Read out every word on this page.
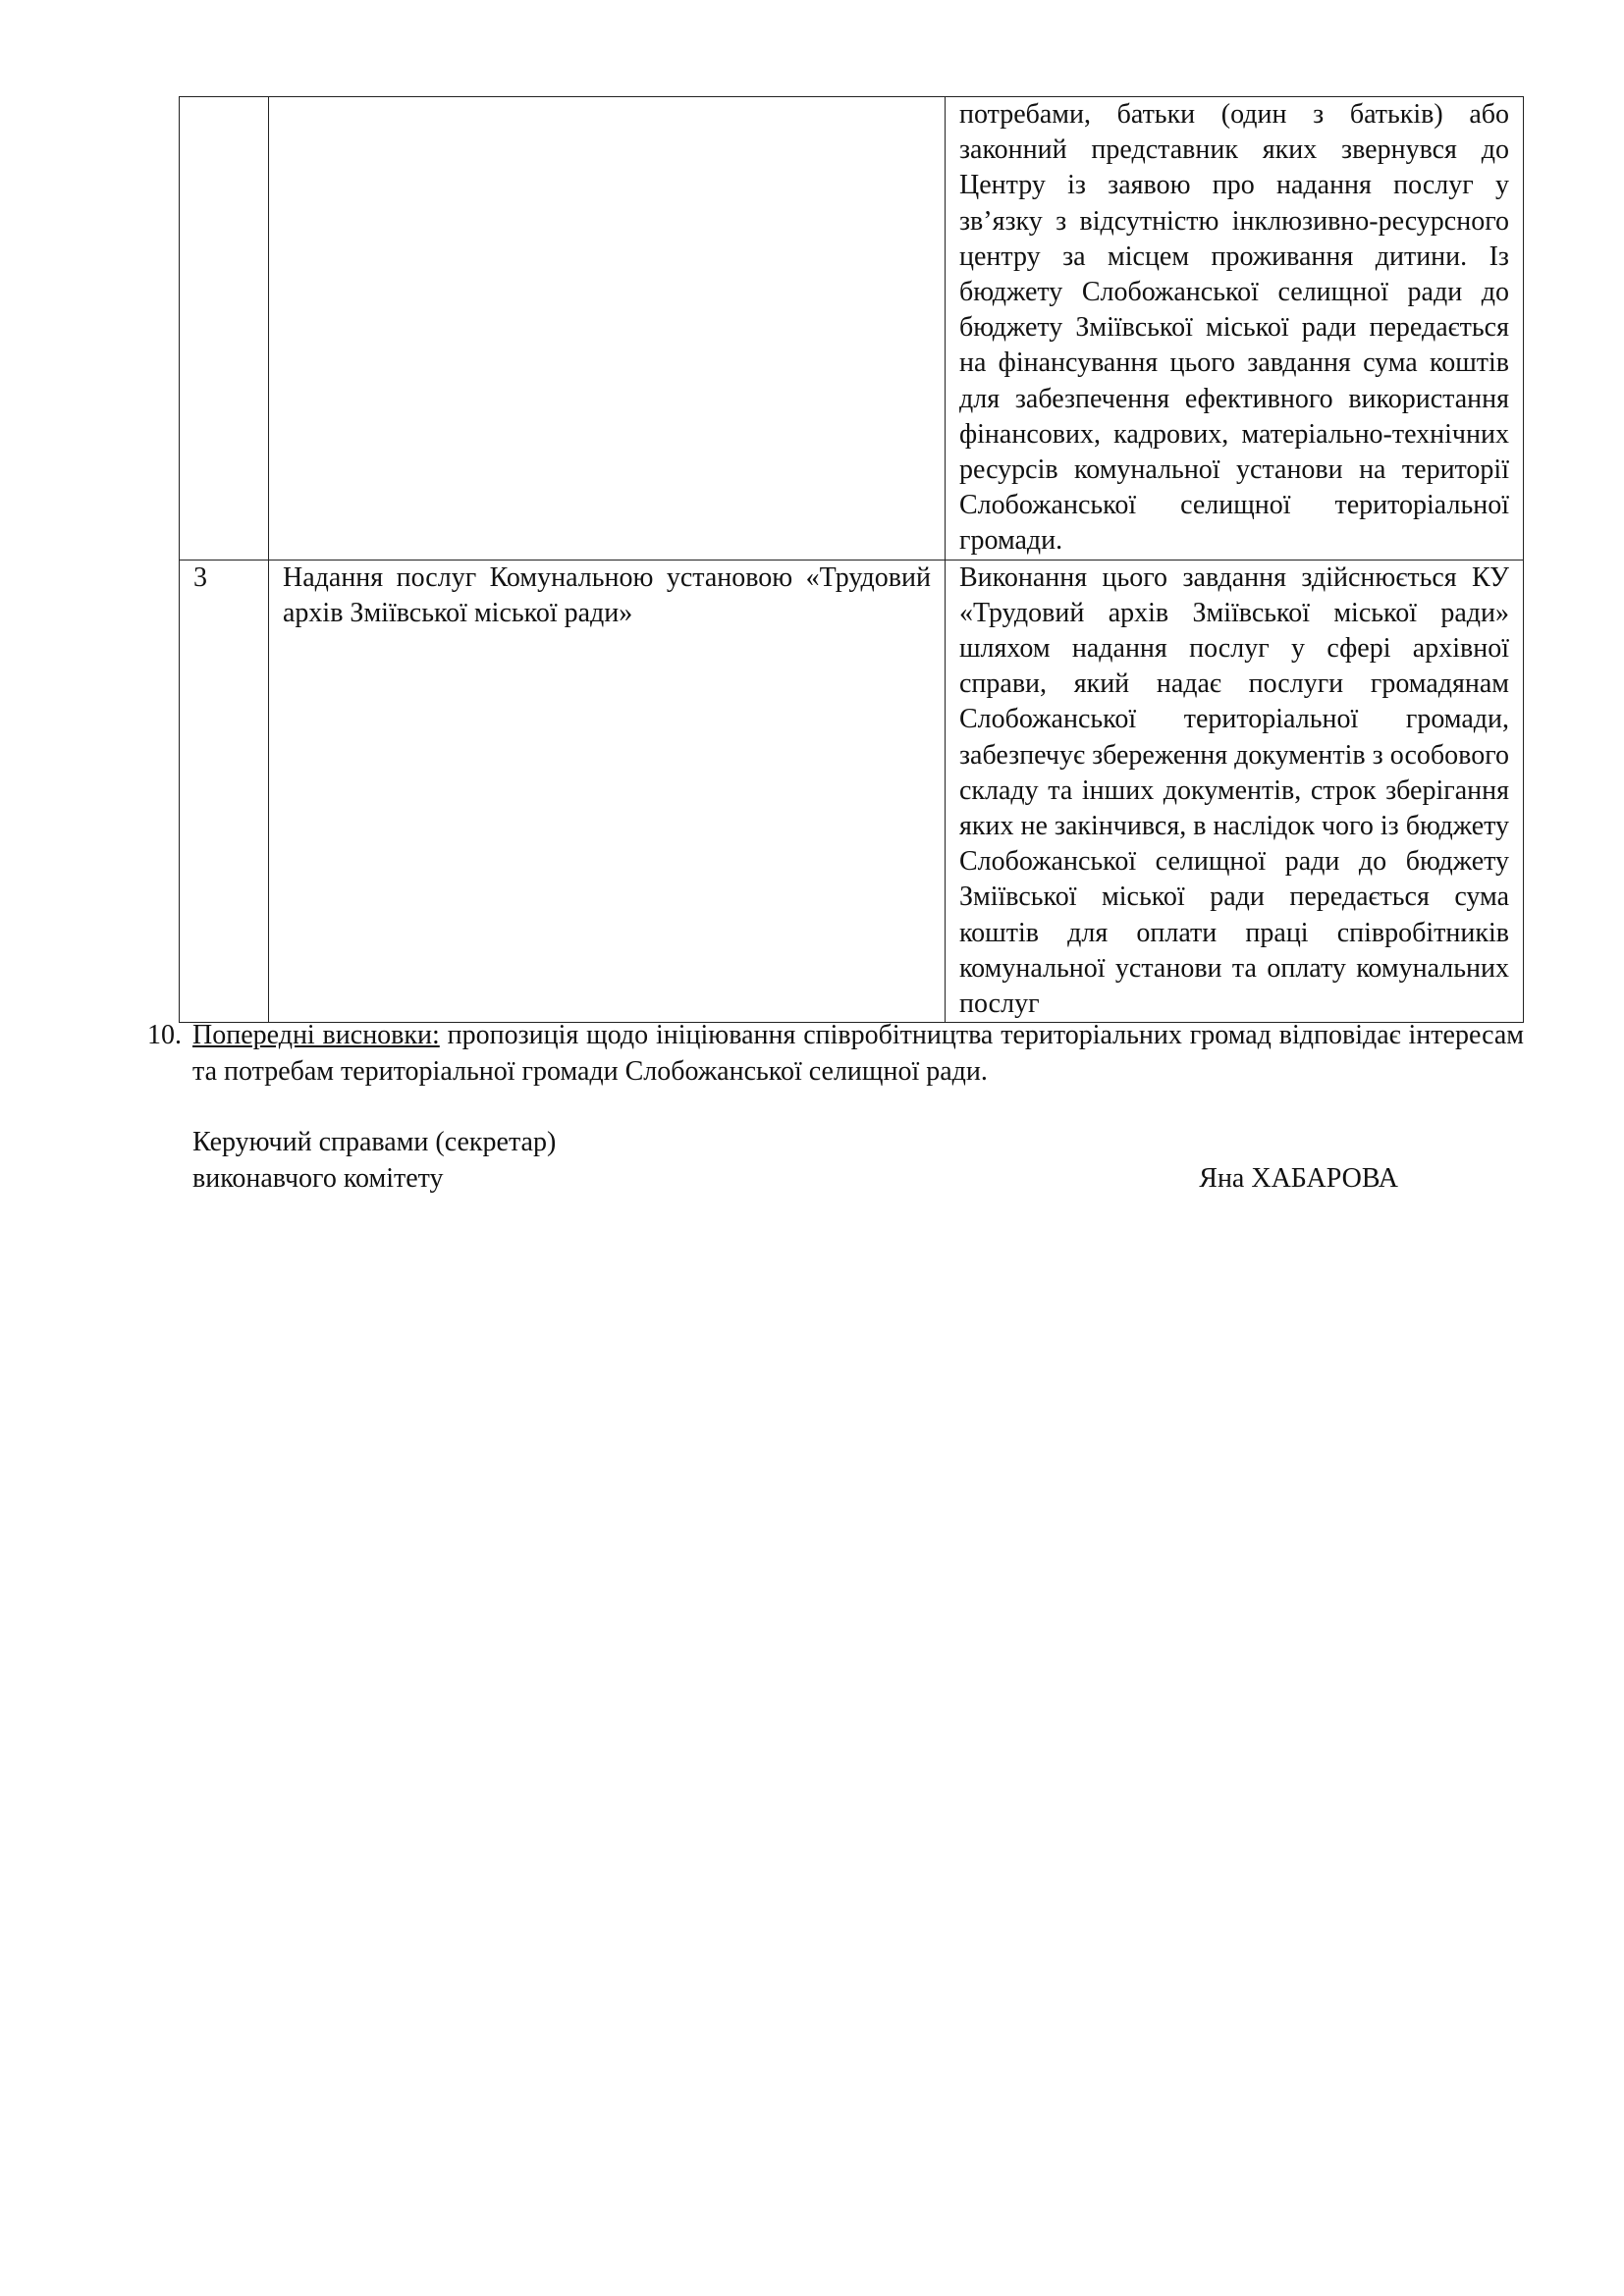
		потребами, батьки (один з батьків) або законний представник яких звернувся до Центру із заявою про надання послуг у зв’язку з відсутністю інклюзивно-ресурсного центру за місцем проживання дитини. Із бюджету Слобожанської селищної ради до бюджету Зміївської міської ради передається на фінансування цього завдання сума коштів для забезпечення ефективного використання фінансових, кадрових, матеріально-технічних ресурсів комунальної установи на території Слобожанської селищної територіальної громади.

3	Надання послуг Комунальною установою «Трудовий архів Зміївської міської ради»	Виконання цього завдання здійснюється КУ «Трудовий архів Зміївської міської ради» шляхом надання послуг у сфері архівної справи, який надає послуги громадянам Слобожанської територіальної громади, забезпечує збереження документів з особового складу та інших документів, строк зберігання яких не закінчився, в наслідок чого із бюджету Слобожанської селищної ради до бюджету Зміївської міської ради передається сума коштів для оплати праці співробітників комунальної установи та оплату комунальних послуг
10. Попередні висновки: пропозиція щодо ініціювання співробітництва територіальних громад відповідає інтересам та потребам територіальної громади Слобожанської селищної ради.
Керуючий справами (секретар)
виконавчого комітету	Яна ХАБАРОВА
